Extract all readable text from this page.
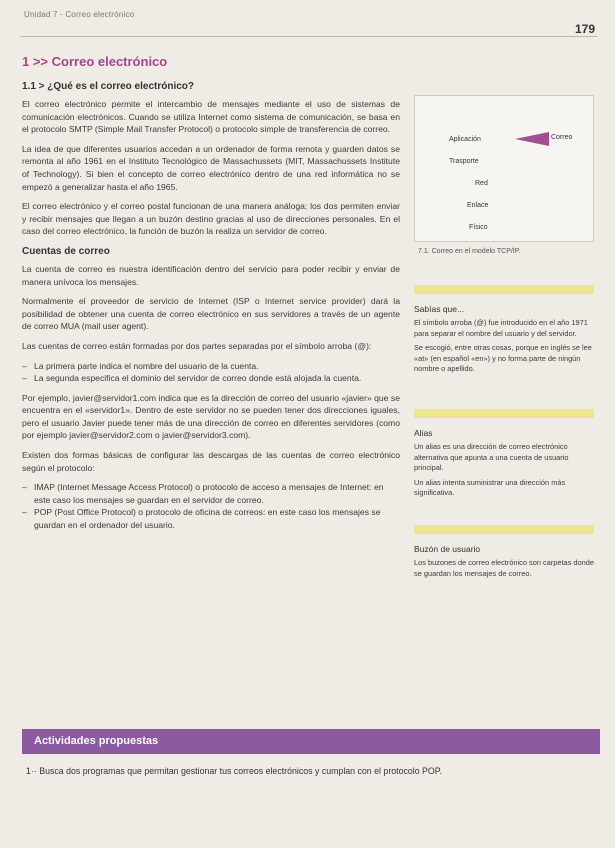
Unidad 7 - Correo electrónico
179
1 >> Correo electrónico
1.1 > ¿Qué es el correo electrónico?

El correo electrónico permite el intercambio de mensajes mediante el uso de sistemas de comunicación electrónicos. Cuando se utiliza Internet como sistema de comunicación, se basa en el protocolo SMTP (Simple Mail Transfer Protocol) o protocolo simple de transferencia de correo.

La idea de que diferentes usuarios accedan a un ordenador de forma remota y guarden datos se remonta al año 1961 en el Instituto Tecnológico de Massachussets (MIT, Massachussets Institute of Technology). Si bien el concepto de correo electrónico dentro de una red informática no se empezó a generalizar hasta el año 1965.

El correo electrónico y el correo postal funcionan de una manera análoga: los dos permiten enviar y recibir mensajes que llegan a un buzón destino gracias al uso de direcciones personales. En el caso del correo electrónico, la función de buzón la realiza un servidor de correo.

Cuentas de correo

La cuenta de correo es nuestra identificación dentro del servicio para poder recibir y enviar de manera unívoca los mensajes.

Normalmente el proveedor de servicio de Internet (ISP o Internet service provider) dará la posibilidad de obtener una cuenta de correo electrónico en sus servidores a través de un agente de correo MUA (mail user agent).

Las cuentas de correo están formadas por dos partes separadas por el símbolo arroba (@):

– La primera parte indica el nombre del usuario de la cuenta.
– La segunda especifica el dominio del servidor de correo donde está alojada la cuenta.

Por ejemplo, javier@servidor1.com indica que es la dirección de correo del usuario «javier» que se encuentra en el «servidor1». Dentro de este servidor no se pueden tener dos direcciones iguales, pero el usuario Javier puede tener más de una dirección de correo en diferentes servidores (como por ejemplo javier@servidor2.com o javier@servidor3.com).

Existen dos formas básicas de configurar las descargas de las cuentas de correo electrónico según el protocolo:

– IMAP (Internet Message Access Protocol) o protocolo de acceso a mensajes de Internet: en este caso los mensajes se guardan en el servidor de correo.
– POP (Post Office Protocol) o protocolo de oficina de correos: en este caso los mensajes se guardan en el ordenador del usuario.
Aplicación
Trasporte
Red
Enlace
Físico
Correo
7.1. Correo en el modelo TCP/IP.
Sabías que...

El símbolo arroba (@) fue introducido en el año 1971 para separar el nombre del usuario y del servidor.

Se escogió, entre otras cosas, porque en inglés se lee «at» (en español «en») y no forma parte de ningún nombre o apellido.

Alias

Un alias es una dirección de correo electrónico alternativa que apunta a una cuenta de usuario principal.

Un alias intenta suministrar una dirección más significativa.

Buzón de usuario

Los buzones de correo electrónico son carpetas donde se guardan los mensajes de correo.

Actividades propuestas
1·· Busca dos programas que permitan gestionar tus correos electrónicos y cumplan con el protocolo POP.
